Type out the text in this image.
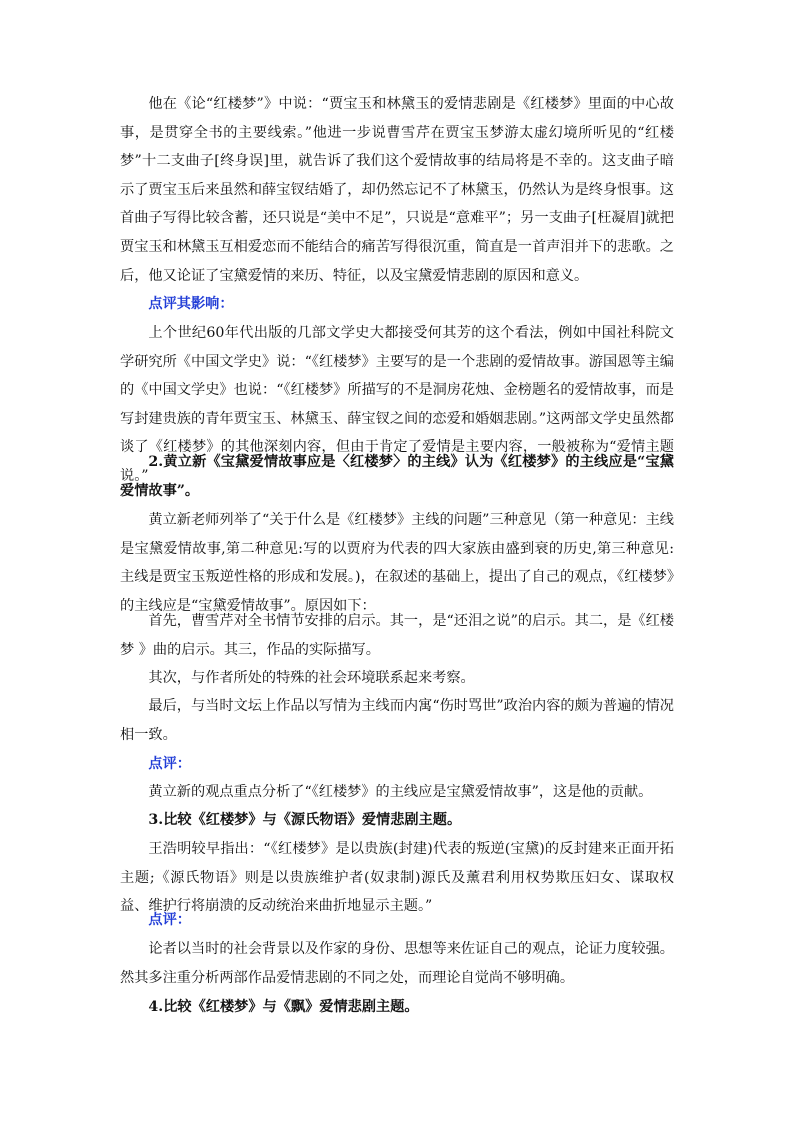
他在《论“红楼梦”》中说：“贾宝玉和林黛玉的爱情悲剧是《红楼梦》里面的中心故事，是贯穿全书的主要线索。”他进一步说曹雪芹在贾宝玉梦游太虚幻境所听见的“红楼梦”十二支曲子[终身误]里，就告诉了我们这个爱情故事的结局将是不幸的。这支曲子暗示了贾宝玉后来虽然和薛宝钗结婚了，却仍然忘记不了林黛玉，仍然认为是终身恨事。这首曲子写得比较含蓄，还只说是“美中不足”，只说是“意难平”；另一支曲子[枉凝眉]就把贾宝玉和林黛玉互相爱恋而不能结合的痛苦写得很沉重，简直是一首声泪并下的悲歌。之后，他又论证了宝黛爱情的来历、特征，以及宝黛爱情悲剧的原因和意义。

点评其影响：

上个世纪60年代出版的几部文学史大都接受何其芳的这个看法，例如中国社科院文学研究所《中国文学史》说：“《红楼梦》主要写的是一个悲剧的爱情故事。游国恩等主编的《中国文学史》也说：“《红楼梦》所描写的不是洞房花烛、金榜题名的爱情故事，而是写封建贵族的青年贾宝玉、林黛玉、薛宝钗之间的恋爱和婚姻悲剧。”这两部文学史虽然都谈了《红楼梦》的其他深刻内容，但由于肯定了爱情是主要内容，一般被称为“爱情主题说。”

2.黄立新《宝黛爱情故事应是〈红楼梦〉的主线》认为《红楼梦》的主线应是“宝黛爱情故事”。

黄立新老师列举了“关于什么是《红楼梦》主线的问题”三种意见（第一种意见：主线是宝黛爱情故事,第二种意见:写的以贾府为代表的四大家族由盛到衰的历史,第三种意见:主线是贾宝玉叛逆性格的形成和发展。)，在叙述的基础上，提出了自己的观点，《红楼梦》的主线应是“宝黛爱情故事”。原因如下：

首先，曹雪芹对全书情节安排的启示。其一，是“还泪之说”的启示。其二，是《红楼 梦 》曲的启示。其三，作品的实际描写。

其次，与作者所处的特殊的社会环境联系起来考察。

最后，与当时文坛上作品以写情为主线而内寓“伤时骂世”政治内容的颇为普遍的情况相一致。

点评：

黄立新的观点重点分析了“《红楼梦》的主线应是宝黛爱情故事”，这是他的贡献。

3.比较《红楼梦》与《源氏物语》爱情悲剧主题。

王浩明较早指出：“《红楼梦》是以贵族(封建)代表的叛逆(宝黛)的反封建来正面开拓主题;《源氏物语》则是以贵族维护者(奴隶制)源氏及薰君利用权势欺压妇女、谋取权益、维护行将崩溃的反动统治来曲折地显示主题。”

点评：

论者以当时的社会背景以及作家的身份、思想等来佐证自己的观点，论证力度较强。然其多注重分析两部作品爱情悲剧的不同之处，而理论自觉尚不够明确。

4.比较《红楼梦》与《飘》爱情悲剧主题。
